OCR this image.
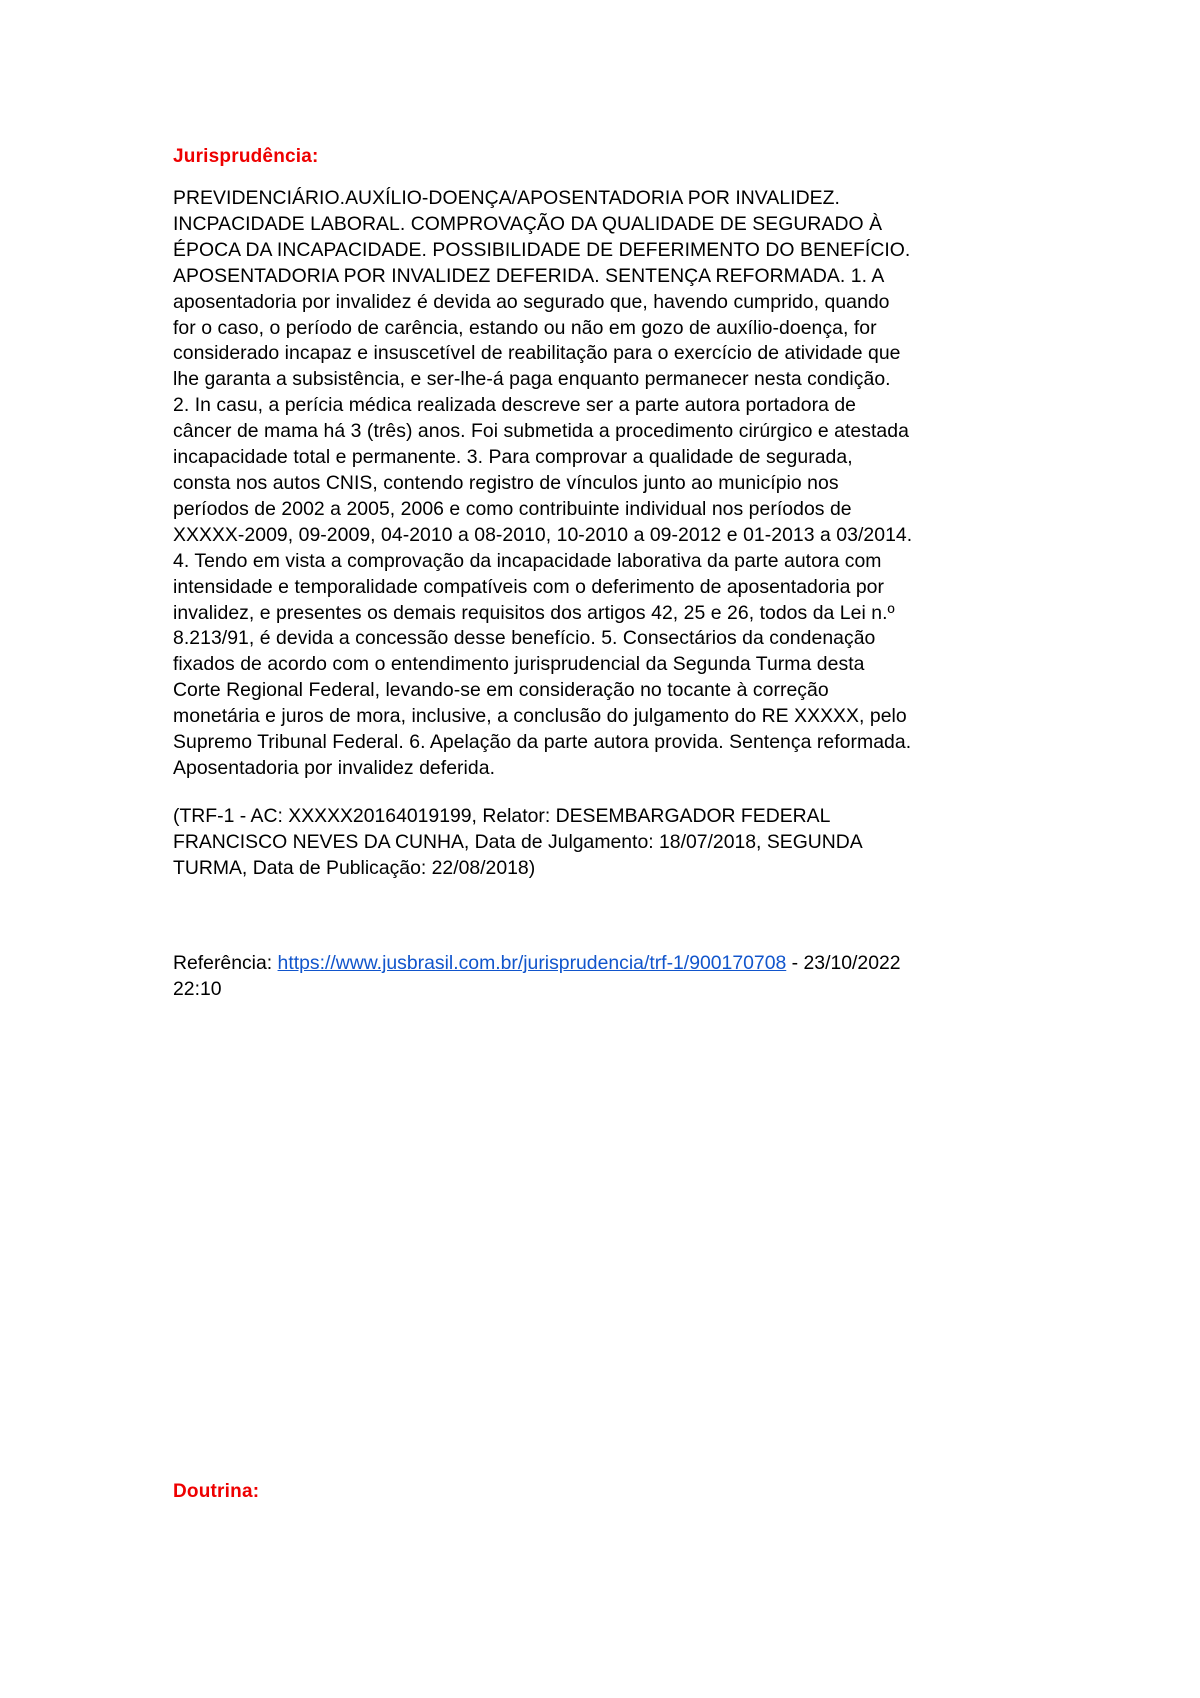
Jurisprudência:
PREVIDENCIÁRIO.AUXÍLIO-DOENÇA/APOSENTADORIA POR INVALIDEZ.
INCPACIDADE LABORAL. COMPROVAÇÃO DA QUALIDADE DE SEGURADO À
ÉPOCA DA INCAPACIDADE. POSSIBILIDADE DE DEFERIMENTO DO BENEFÍCIO.
APOSENTADORIA POR INVALIDEZ DEFERIDA. SENTENÇA REFORMADA. 1. A
aposentadoria por invalidez é devida ao segurado que, havendo cumprido, quando
for o caso, o período de carência, estando ou não em gozo de auxílio-doença, for
considerado incapaz e insuscetível de reabilitação para o exercício de atividade que
lhe garanta a subsistência, e ser-lhe-á paga enquanto permanecer nesta condição.
2. In casu, a perícia médica realizada descreve ser a parte autora portadora de
câncer de mama há 3 (três) anos. Foi submetida a procedimento cirúrgico e atestada
incapacidade total e permanente. 3. Para comprovar a qualidade de segurada,
consta nos autos CNIS, contendo registro de vínculos junto ao município nos
períodos de 2002 a 2005, 2006 e como contribuinte individual nos períodos de
XXXXX-2009, 09-2009, 04-2010 a 08-2010, 10-2010 a 09-2012 e 01-2013 a 03/2014.
4. Tendo em vista a comprovação da incapacidade laborativa da parte autora com
intensidade e temporalidade compatíveis com o deferimento de aposentadoria por
invalidez, e presentes os demais requisitos dos artigos 42, 25 e 26, todos da Lei n.º
8.213/91, é devida a concessão desse benefício. 5. Consectários da condenação
fixados de acordo com o entendimento jurisprudencial da Segunda Turma desta
Corte Regional Federal, levando-se em consideração no tocante à correção
monetária e juros de mora, inclusive, a conclusão do julgamento do RE XXXXX, pelo
Supremo Tribunal Federal. 6. Apelação da parte autora provida. Sentença reformada.
Aposentadoria por invalidez deferida.
(TRF-1 - AC: XXXXX20164019199, Relator: DESEMBARGADOR FEDERAL
FRANCISCO NEVES DA CUNHA, Data de Julgamento: 18/07/2018, SEGUNDA
TURMA, Data de Publicação: 22/08/2018)
Referência: https://www.jusbrasil.com.br/jurisprudencia/trf-1/900170708 - 23/10/2022
22:10
Doutrina:
